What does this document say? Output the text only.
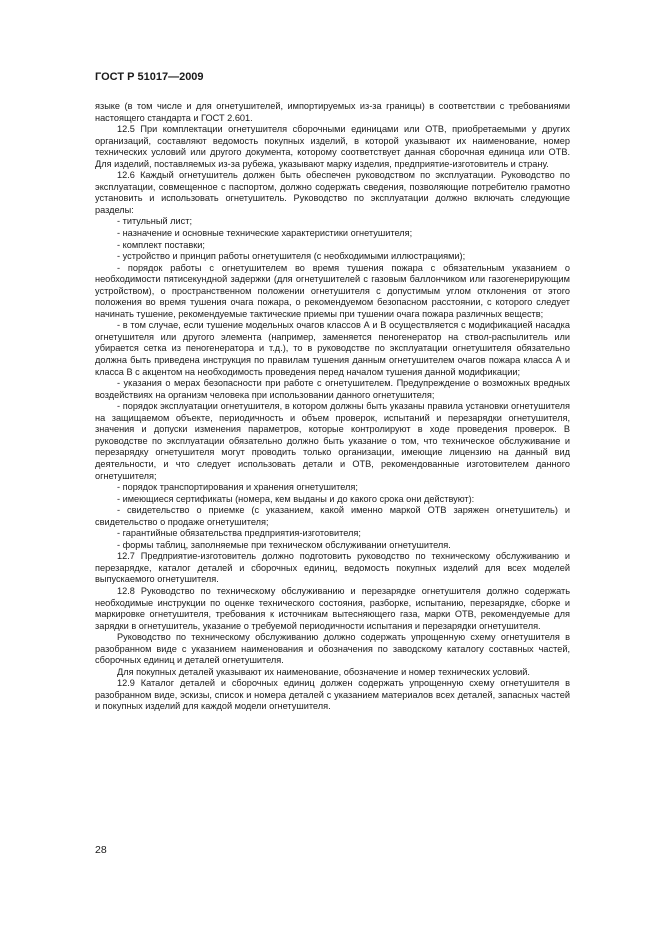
ГОСТ Р 51017—2009

языке (в том числе и для огнетушителей, импортируемых из-за границы) в соответствии с требованиями настоящего стандарта и ГОСТ 2.601.

12.5 При комплектации огнетушителя сборочными единицами или ОТВ, приобретаемыми у других организаций, составляют ведомость покупных изделий, в которой указывают их наименование, номер технических условий или другого документа, которому соответствует данная сборочная единица или ОТВ. Для изделий, поставляемых из-за рубежа, указывают марку изделия, предприятие-изготовитель и страну.

12.6 Каждый огнетушитель должен быть обеспечен руководством по эксплуатации. Руководство по эксплуатации, совмещенное с паспортом, должно содержать сведения, позволяющие потребителю грамотно установить и использовать огнетушитель. Руководство по эксплуатации должно включать следующие разделы:

- титульный лист;

- назначение и основные технические характеристики огнетушителя;

- комплект поставки;

- устройство и принцип работы огнетушителя (с необходимыми иллюстрациями);

- порядок работы с огнетушителем во время тушения пожара с обязательным указанием о необходимости пятисекундной задержки (для огнетушителей с газовым баллончиком или газогенерирующим устройством), о пространственном положении огнетушителя с допустимым углом отклонения от этого положения во время тушения очага пожара, о рекомендуемом безопасном расстоянии, с которого следует начинать тушение, рекомендуемые тактические приемы при тушении очага пожара различных веществ;

- в том случае, если тушение модельных очагов классов А и В осуществляется с модификацией насадка огнетушителя или другого элемента (например, заменяется пеногенератор на ствол-распылитель или убирается сетка из пеногенератора и т.д.), то в руководстве по эксплуатации огнетушителя обязательно должна быть приведена инструкция по правилам тушения данным огнетушителем очагов пожара класса А и класса В с акцентом на необходимость проведения перед началом тушения данной модификации;

- указания о мерах безопасности при работе с огнетушителем. Предупреждение о возможных вредных воздействиях на организм человека при использовании данного огнетушителя;

- порядок эксплуатации огнетушителя, в котором должны быть указаны правила установки огнетушителя на защищаемом объекте, периодичность и объем проверок, испытаний и перезарядки огнетушителя, значения и допуски изменения параметров, которые контролируют в ходе проведения проверок. В руководстве по эксплуатации обязательно должно быть указание о том, что техническое обслуживание и перезарядку огнетушителя могут проводить только организации, имеющие лицензию на данный вид деятельности, и что следует использовать детали и ОТВ, рекомендованные изготовителем данного огнетушителя;

- порядок транспортирования и хранения огнетушителя;

- имеющиеся сертификаты (номера, кем выданы и до какого срока они действуют):

- свидетельство о приемке (с указанием, какой именно маркой ОТВ заряжен огнетушитель) и свидетельство о продаже огнетушителя;

- гарантийные обязательства предприятия-изготовителя;

- формы таблиц, заполняемые при техническом обслуживании огнетушителя.

12.7 Предприятие-изготовитель должно подготовить руководство по техническому обслуживанию и перезарядке, каталог деталей и сборочных единиц, ведомость покупных изделий для всех моделей выпускаемого огнетушителя.

12.8 Руководство по техническому обслуживанию и перезарядке огнетушителя должно содержать необходимые инструкции по оценке технического состояния, разборке, испытанию, перезарядке, сборке и маркировке огнетушителя, требования к источникам вытесняющего газа, марки ОТВ, рекомендуемые для зарядки в огнетушитель, указание о требуемой периодичности испытания и перезарядки огнетушителя.

Руководство по техническому обслуживанию должно содержать упрощенную схему огнетушителя в разобранном виде с указанием наименования и обозначения по заводскому каталогу составных частей, сборочных единиц и деталей огнетушителя.

Для покупных деталей указывают их наименование, обозначение и номер технических условий.

12.9 Каталог деталей и сборочных единиц должен содержать упрощенную схему огнетушителя в разобранном виде, эскизы, список и номера деталей с указанием материалов всех деталей, запасных частей и покупных изделий для каждой модели огнетушителя.

28
